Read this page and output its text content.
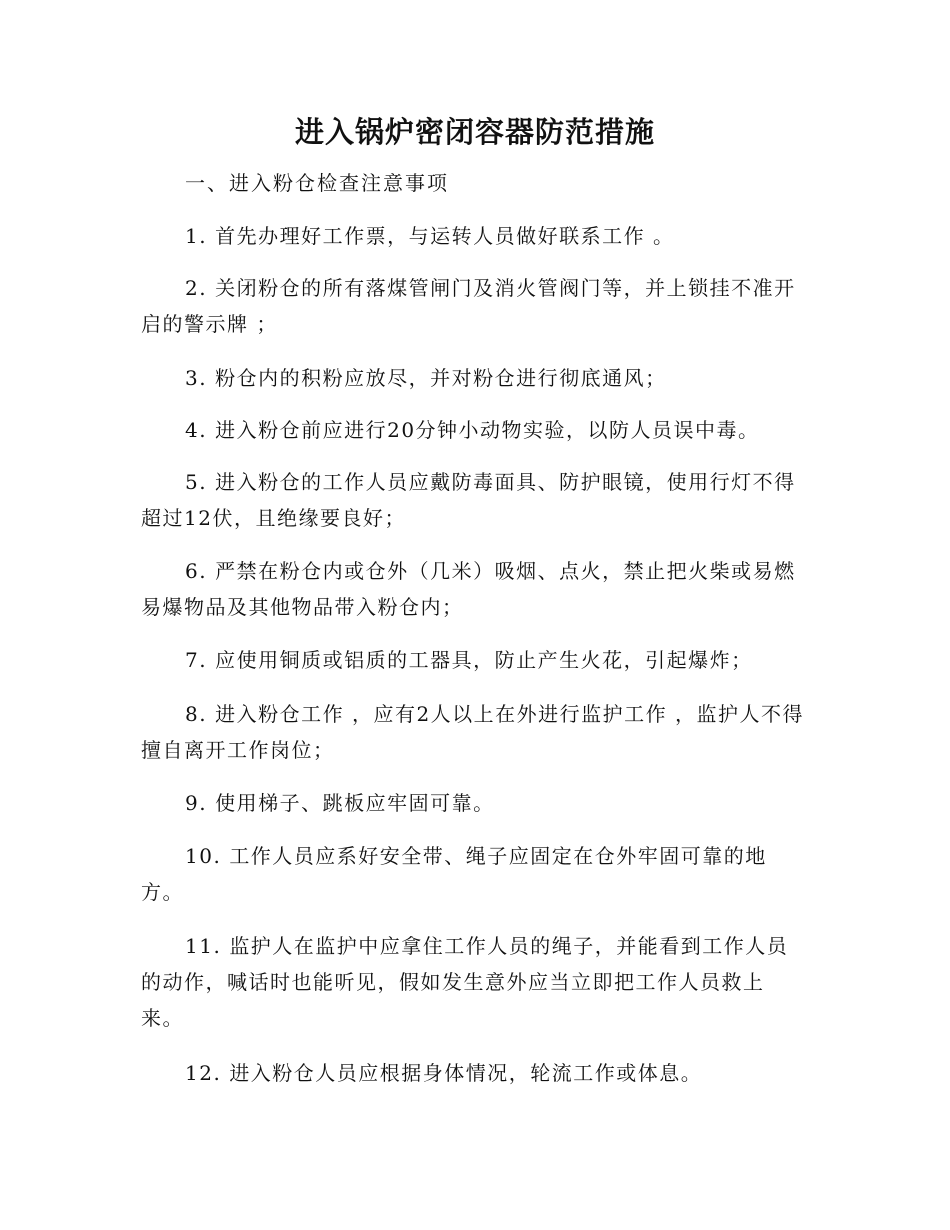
进入锅炉密闭容器防范措施

一、进入粉仓检查注意事项

1. 首先办理好工作票，与运转人员做好联系工作 。

2. 关闭粉仓的所有落煤管闸门及消火管阀门等，并上锁挂不准开启的警示牌 ；

3. 粉仓内的积粉应放尽，并对粉仓进行彻底通风；

4. 进入粉仓前应进行20分钟小动物实验，以防人员误中毒。

5. 进入粉仓的工作人员应戴防毒面具、防护眼镜，使用行灯不得超过12伏，且绝缘要良好；

6. 严禁在粉仓内或仓外（几米）吸烟、点火，禁止把火柴或易燃易爆物品及其他物品带入粉仓内；

7. 应使用铜质或铝质的工器具，防止产生火花，引起爆炸；

8. 进入粉仓工作 ，应有2人以上在外进行监护工作 ，监护人不得擅自离开工作岗位；

9. 使用梯子、跳板应牢固可靠。

10. 工作人员应系好安全带、绳子应固定在仓外牢固可靠的地方。

11. 监护人在监护中应拿住工作人员的绳子，并能看到工作人员的动作，喊话时也能听见，假如发生意外应当立即把工作人员救上来。

12. 进入粉仓人员应根据身体情况，轮流工作或体息。
